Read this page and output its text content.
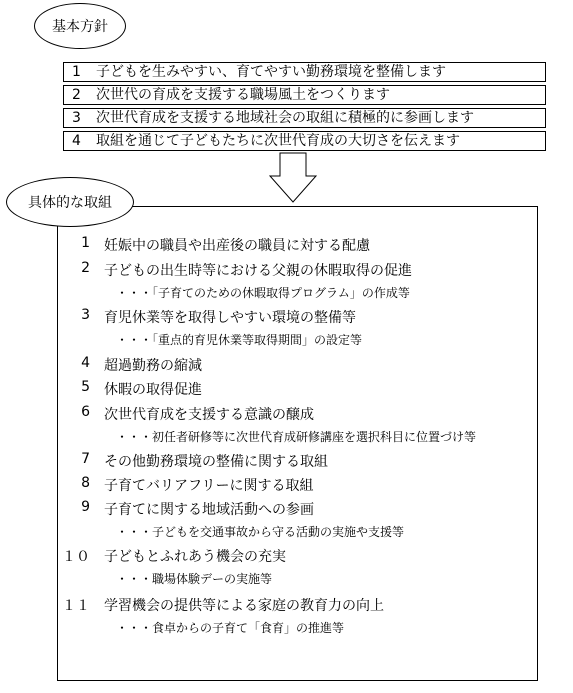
基本方針
1 子どもを生みやすい、育てやすい勤務環境を整備します
2 次世代の育成を支援する職場風土をつくります
3 次世代育成を支援する地域社会の取組に積極的に参画します
4 取組を通じて子どもたちに次世代育成の大切さを伝えます
具体的な取組
1 妊娠中の職員や出産後の職員に対する配慮
2 子どもの出生時等における父親の休暇取得の促進
・・・「子育てのための休暇取得プログラム」の作成等
3 育児休業等を取得しやすい環境の整備等
・・・「重点的育児休業等取得期間」の設定等
4 超過勤務の縮減
5 休暇の取得促進
6 次世代育成を支援する意識の醸成
・・・初任者研修等に次世代育成研修講座を選択科目に位置づけ等
7 その他勤務環境の整備に関する取組
8 子育てバリアフリーに関する取組
9 子育てに関する地域活動への参画
・・・子どもを交通事故から守る活動の実施や支援等
１０ 子どもとふれあう機会の充実
・・・職場体験デーの実施等
１１ 学習機会の提供等による家庭の教育力の向上
・・・食卓からの子育て「食育」の推進等
